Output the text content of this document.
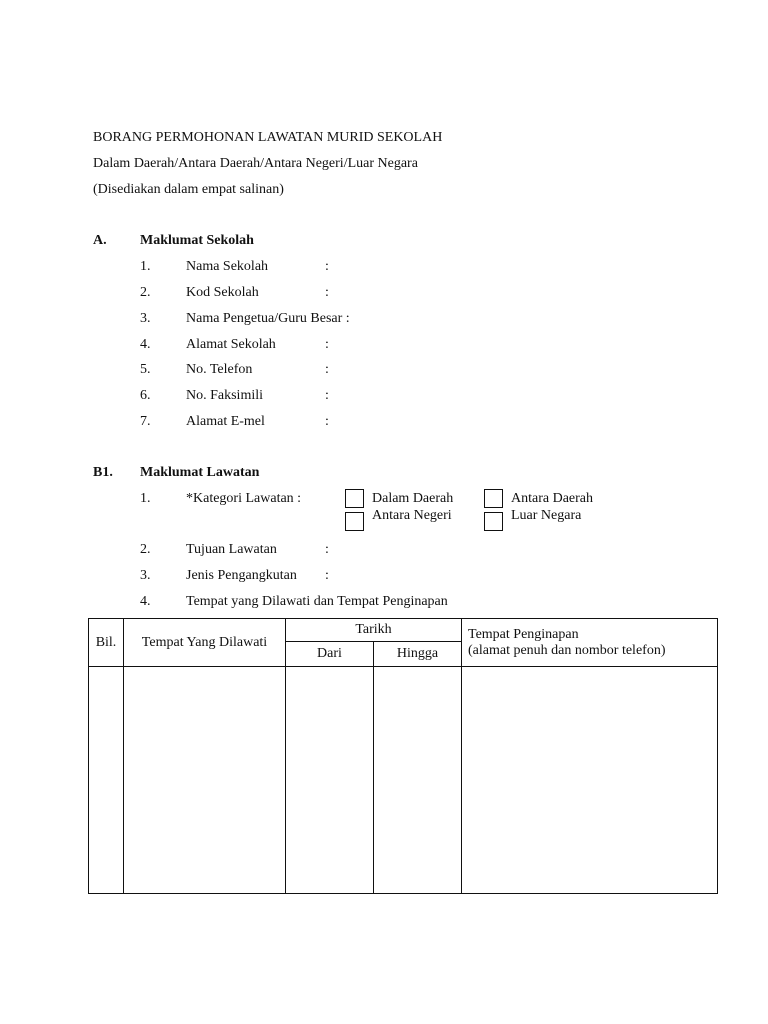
BORANG PERMOHONAN LAWATAN MURID SEKOLAH
Dalam Daerah/Antara Daerah/Antara Negeri/Luar Negara
(Disediakan dalam empat salinan)
A. Maklumat Sekolah
1.	Nama Sekolah	:
2.	Kod Sekolah	:
3.	Nama Pengetua/Guru Besar :
4.	Alamat Sekolah	:
5.	No. Telefon	:
6.	No. Faksimili	:
7.	Alamat E-mel	:
B1. Maklumat Lawatan
1.	*Kategori Lawatan :	Dalam Daerah	Antara Daerah
Antara Negeri	Luar Negara
2.	Tujuan Lawatan	:
3.	Jenis Pengangkutan :
4.	Tempat yang Dilawati dan Tempat Penginapan
Bil.	Tempat Yang Dilawati	Tarikh		Tempat Penginapan
(alamat penuh dan nombor telefon)

		Dari	Hingga	
